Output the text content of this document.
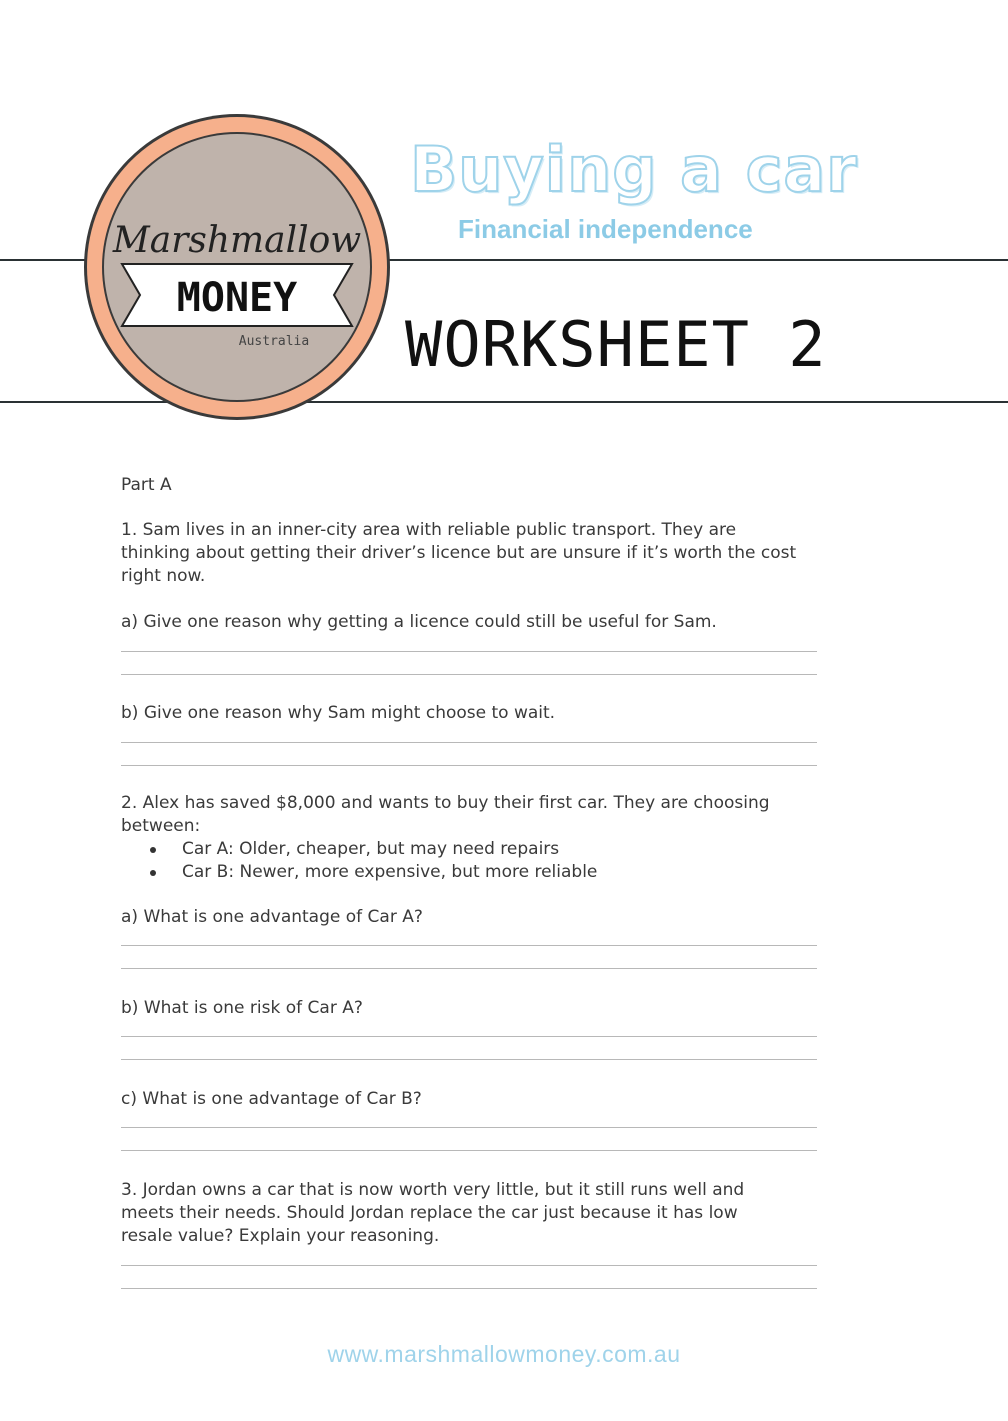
Marshmallow
MONEY
Australia
Buying a car
Financial independence
WORKSHEET 2
Part A
1. Sam lives in an inner-city area with reliable public transport. They are
thinking about getting their driver’s licence but are unsure if it’s worth the cost
right now.
a) Give one reason why getting a licence could still be useful for Sam.
b) Give one reason why Sam might choose to wait.
2. Alex has saved $8,000 and wants to buy their first car. They are choosing
between:
Car A: Older, cheaper, but may need repairs
Car B: Newer, more expensive, but more reliable
a) What is one advantage of Car A?
b) What is one risk of Car A?
c) What is one advantage of Car B?
3. Jordan owns a car that is now worth very little, but it still runs well and
meets their needs. Should Jordan replace the car just because it has low
resale value? Explain your reasoning.
www.marshmallowmoney.com.au
